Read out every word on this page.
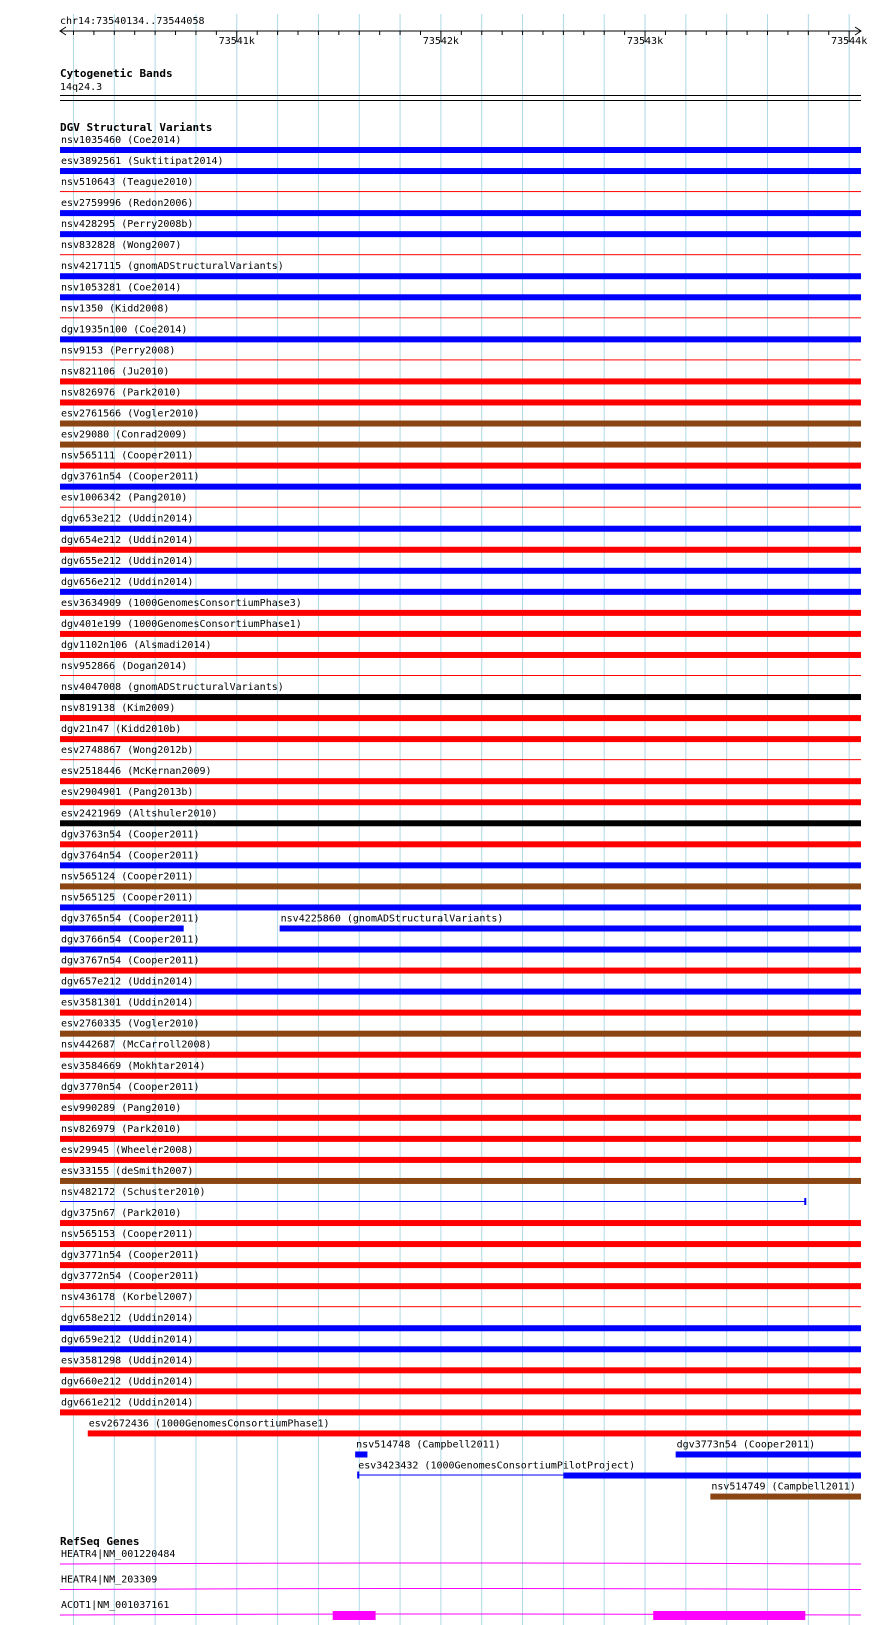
chr14:73540134..73544058
73541k	73542k	73543k	73544k
Cytogenetic Bands
14q24.3
DGV Structural Variants
nsv1035460 (Coe2014)
esv3892561 (Suktitipat2014)
nsv510643 (Teague2010)
esv2759996 (Redon2006)
nsv428295 (Perry2008b)
nsv832828 (Wong2007)
nsv4217115 (gnomADStructuralVariants)
nsv1053281 (Coe2014)
nsv1350 (Kidd2008)
dgv1935n100 (Coe2014)
nsv9153 (Perry2008)
nsv821106 (Ju2010)
nsv826976 (Park2010)
esv2761566 (Vogler2010)
esv29080 (Conrad2009)
nsv565111 (Cooper2011)
dgv3761n54 (Cooper2011)
esv1006342 (Pang2010)
dgv653e212 (Uddin2014)
dgv654e212 (Uddin2014)
dgv655e212 (Uddin2014)
dgv656e212 (Uddin2014)
esv3634909 (1000GenomesConsortiumPhase3)
dgv401e199 (1000GenomesConsortiumPhase1)
dgv1102n106 (Alsmadi2014)
nsv952866 (Dogan2014)
nsv4047008 (gnomADStructuralVariants)
nsv819138 (Kim2009)
dgv21n47 (Kidd2010b)
esv2748867 (Wong2012b)
esv2518446 (McKernan2009)
esv2904901 (Pang2013b)
esv2421969 (Altshuler2010)
dgv3763n54 (Cooper2011)
dgv3764n54 (Cooper2011)
nsv565124 (Cooper2011)
nsv565125 (Cooper2011)
dgv3765n54 (Cooper2011)	nsv4225860 (gnomADStructuralVariants)
dgv3766n54 (Cooper2011)
dgv3767n54 (Cooper2011)
dgv657e212 (Uddin2014)
esv3581301 (Uddin2014)
esv2760335 (Vogler2010)
nsv442687 (McCarroll2008)
esv3584669 (Mokhtar2014)
dgv3770n54 (Cooper2011)
esv990289 (Pang2010)
nsv826979 (Park2010)
esv29945 (Wheeler2008)
esv33155 (deSmith2007)
nsv482172 (Schuster2010)
dgv375n67 (Park2010)
nsv565153 (Cooper2011)
dgv3771n54 (Cooper2011)
dgv3772n54 (Cooper2011)
nsv436178 (Korbel2007)
dgv658e212 (Uddin2014)
dgv659e212 (Uddin2014)
esv3581298 (Uddin2014)
dgv660e212 (Uddin2014)
dgv661e212 (Uddin2014)
esv2672436 (1000GenomesConsortiumPhase1)
nsv514748 (Campbell2011)	dgv3773n54 (Cooper2011)
esv3423432 (1000GenomesConsortiumPilotProject)
nsv514749 (Campbell2011)
RefSeq Genes
HEATR4|NM_001220484
HEATR4|NM_203309
ACOT1|NM_001037161
